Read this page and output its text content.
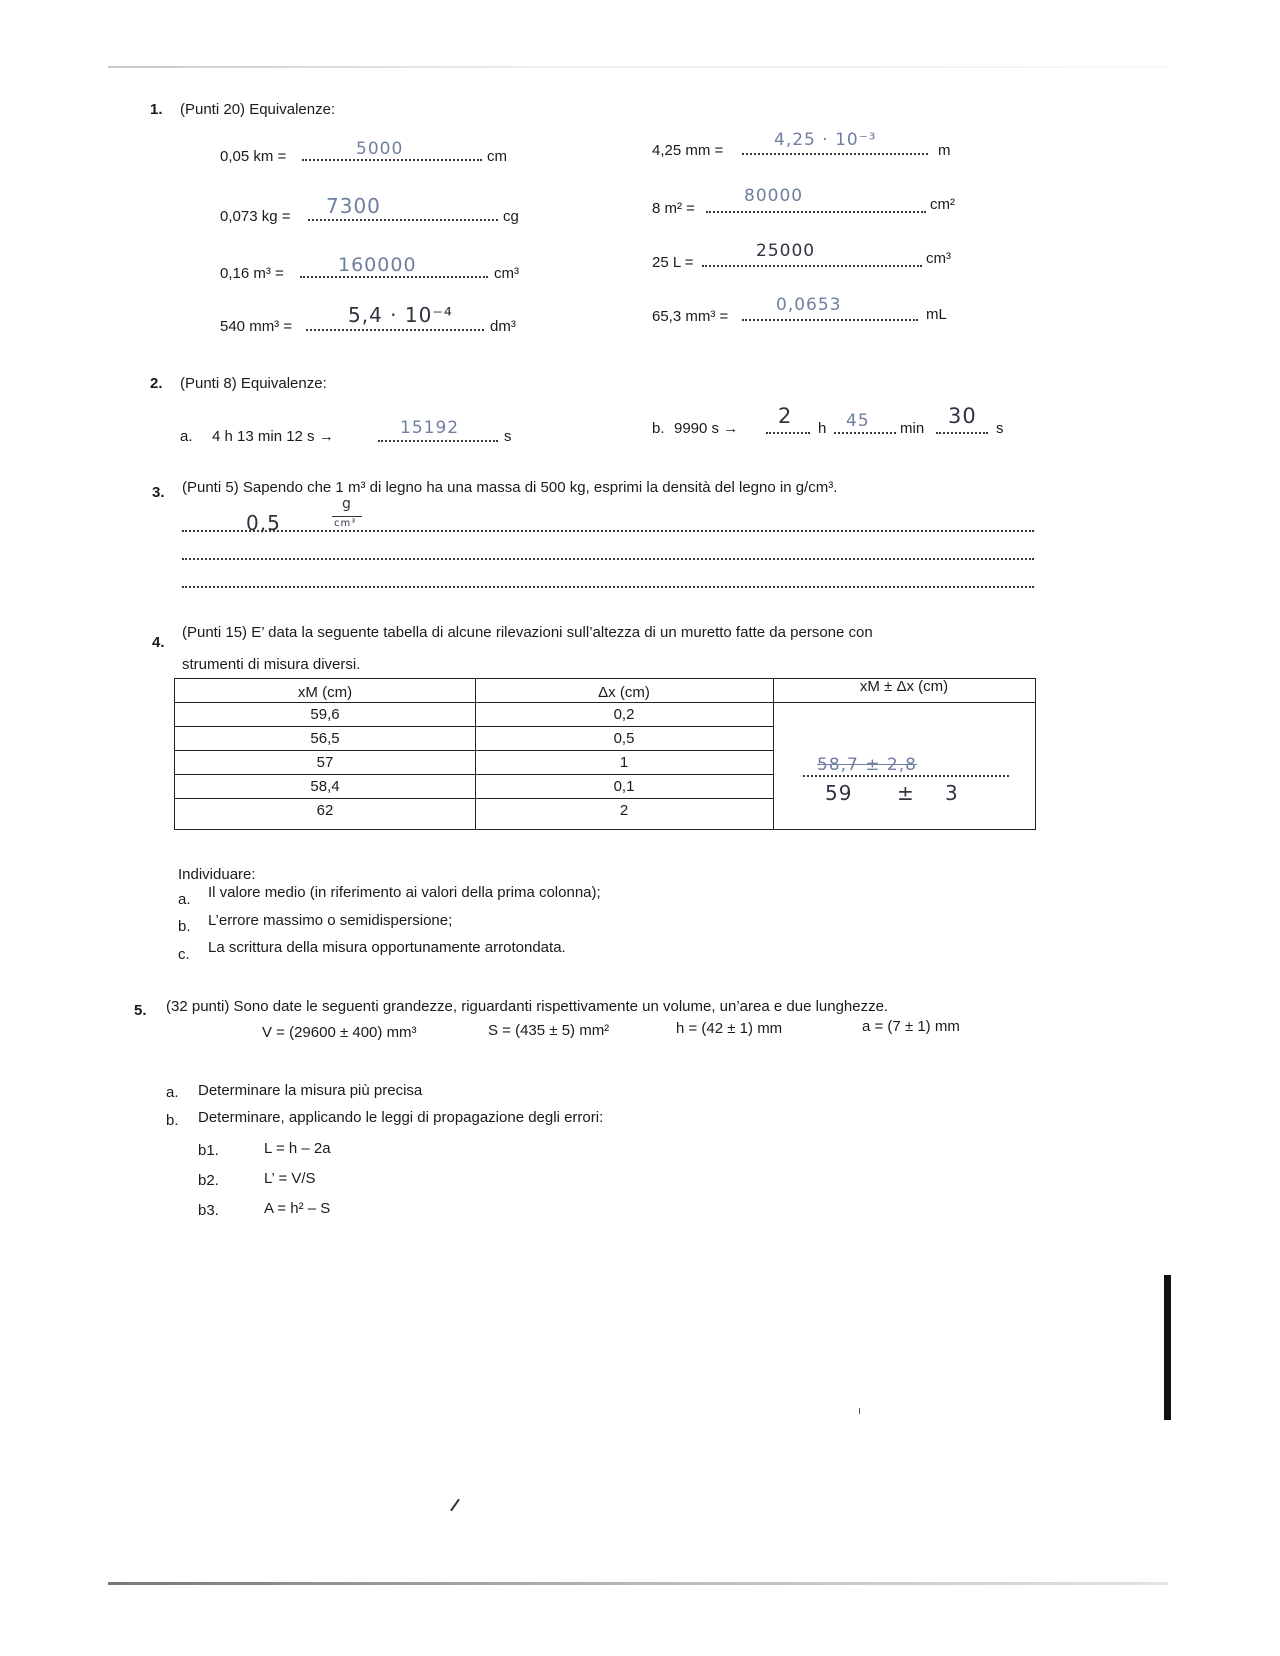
1. (Punti 20) Equivalenze:
0,05 km =	5000	cm
0,073 kg = 7300	cg
0,16 m³ =	160000	cm³
540 mm³ =	5,4 · 10⁻⁴ dm³
4,25 mm =
4,25 · 10⁻³
m
8 m² =
80000	cm²
25 L =
25000	cm³
65,3 mm³ =
0,0653	mL
2. (Punti 8) Equivalenze:
a. 4 h 13 min 12 s →	15192	s	b. 9990 s →
2
h 45 min
30
s
3. (Punti 5) Sapendo che 1 m³ di legno ha una massa di 500 kg, esprimi la densità del legno in g/cm³.
0,5
g
cm³
4.
(Punti 15) E’ data la seguente tabella di alcune rilevazioni sull’altezza di un muretto fatte da persone con
strumenti di misura diversi.
xM (cm)	Δx (cm)	xM ± Δx (cm)
59,6	0,2
56,5	0,5
57	1
58,4	0,1
62	2
58,7 ± 2,8
59 ± 3
Individuare:
a. Il valore medio (in riferimento ai valori della prima colonna);
b. L’errore massimo o semidispersione;
c. La scrittura della misura opportunamente arrotondata.
5. (32 punti) Sono date le seguenti grandezze, riguardanti rispettivamente un volume, un’area e due lunghezze.
V = (29600 ± 400) mm³	S = (435 ± 5) mm²	h = (42 ± 1) mm	a = (7 ± 1) mm
a. Determinare la misura più precisa
b. Determinare, applicando le leggi di propagazione degli errori:
b1.	L = h – 2a
b2.	L’ = V/S
b3.	A = h² – S
